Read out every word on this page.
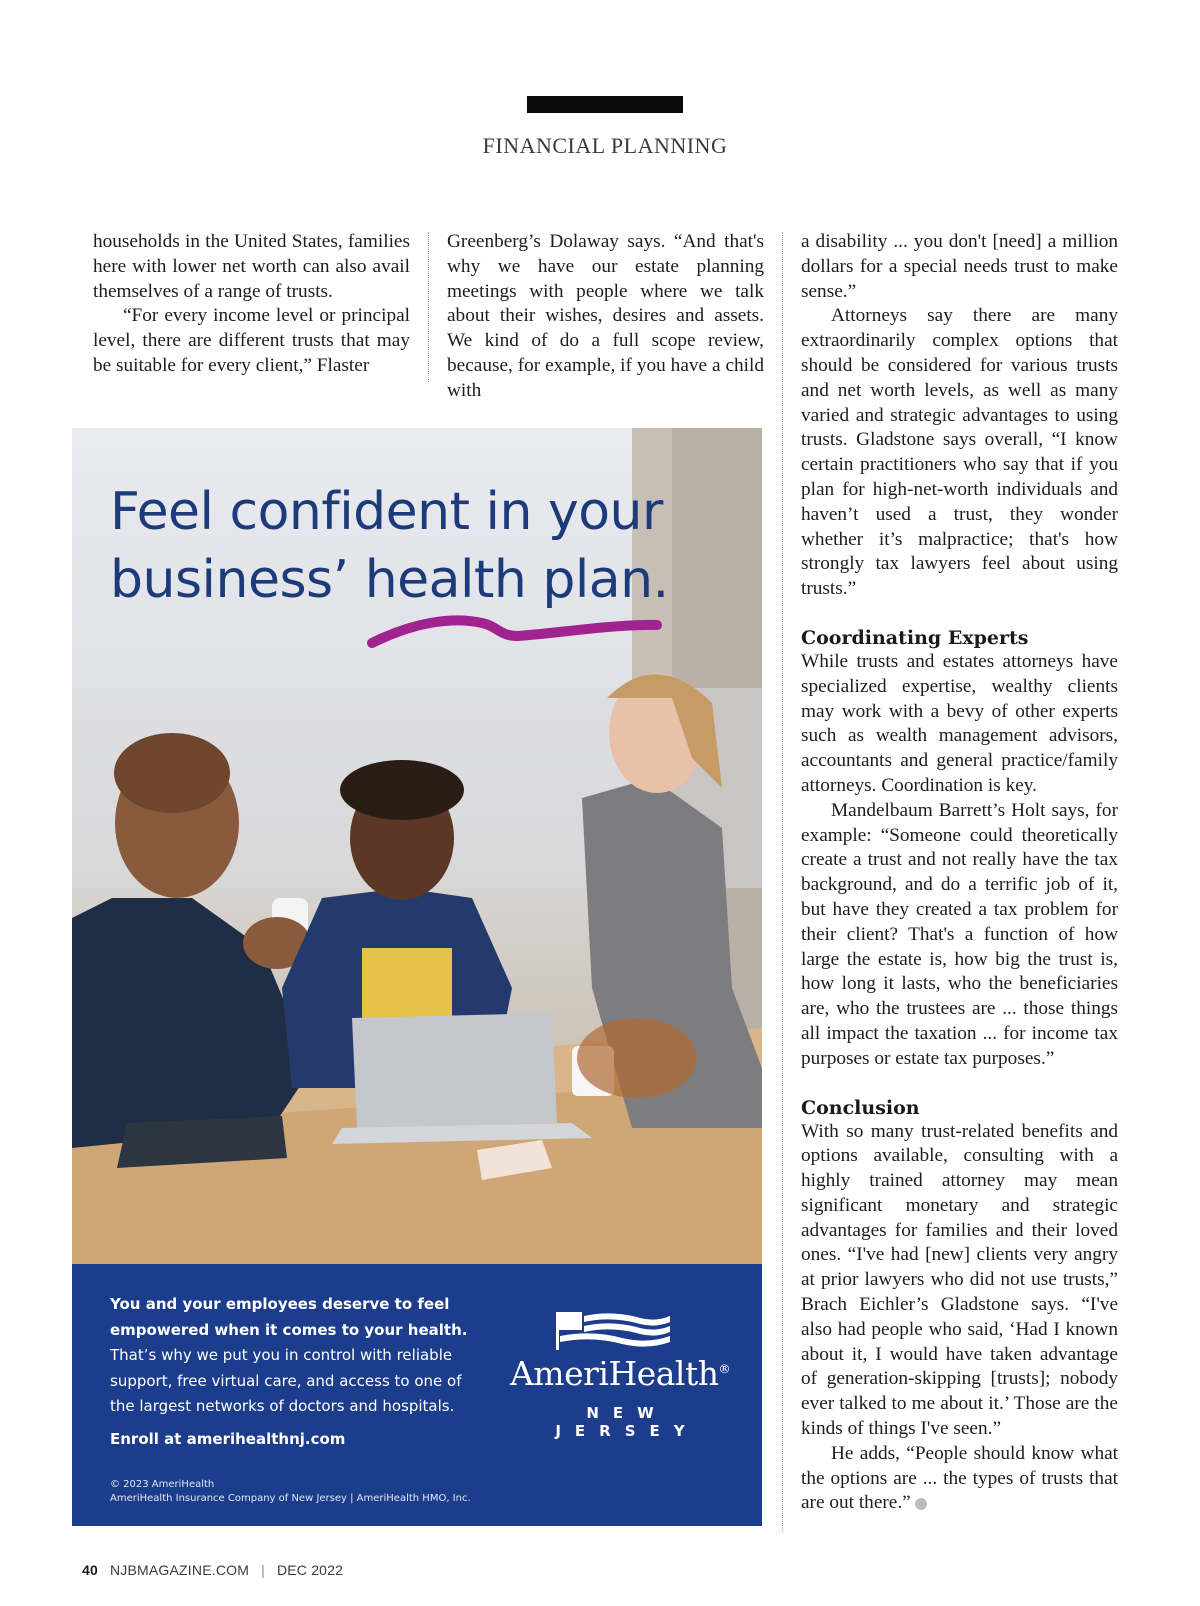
FINANCIAL PLANNING

households in the United States, families here with lower net worth can also avail themselves of a range of trusts.

“For every income level or principal level, there are different trusts that may be suitable for every client,” Flaster

Greenberg’s Dolaway says. “And that's why we have our estate planning meetings with people where we talk about their wishes, desires and assets. We kind of do a full scope review, because, for example, if you have a child with

a disability ... you don't [need] a million dollars for a special needs trust to make sense.”

Attorneys say there are many extraordinarily complex options that should be considered for various trusts and net worth levels, as well as many varied and strategic advantages to using trusts. Gladstone says overall, “I know certain practitioners who say that if you plan for high-net-worth individuals and haven’t used a trust, they wonder whether it’s malpractice; that's how strongly tax lawyers feel about using trusts.”

Coordinating Experts

While trusts and estates attorneys have specialized expertise, wealthy clients may work with a bevy of other experts such as wealth management advisors, accountants and general practice/family attorneys. Coordination is key.

Mandelbaum Barrett’s Holt says, for example: “Someone could theoretically create a trust and not really have the tax background, and do a terrific job of it, but have they created a tax problem for their client? That's a function of how large the estate is, how big the trust is, how long it lasts, who the beneficiaries are, who the trustees are ... those things all impact the taxation ... for income tax purposes or estate tax purposes.”

Conclusion

With so many trust-related benefits and options available, consulting with a highly trained attorney may mean significant monetary and strategic advantages for families and their loved ones. “I've had [new] clients very angry at prior lawyers who did not use trusts,” Brach Eichler’s Gladstone says. “I've also had people who said, ‘Had I known about it, I would have taken advantage of generation-skipping [trusts]; nobody ever talked to me about it.’ Those are the kinds of things I've seen.”

He adds, “People should know what the options are ... the types of trusts that are out there.”

Feel confident in your
business’ health plan.
You and your employees deserve to feel
empowered when it comes to your health.
That’s why we put you in control with reliable support, free virtual care, and access to one of the largest networks of doctors and hospitals.
Enroll at amerihealthnj.com
© 2023 AmeriHealth
AmeriHealth Insurance Company of New Jersey | AmeriHealth HMO, Inc.
AmeriHealth®
NEW JERSEY
40 NJBMAGAZINE.COM | DEC 2022
